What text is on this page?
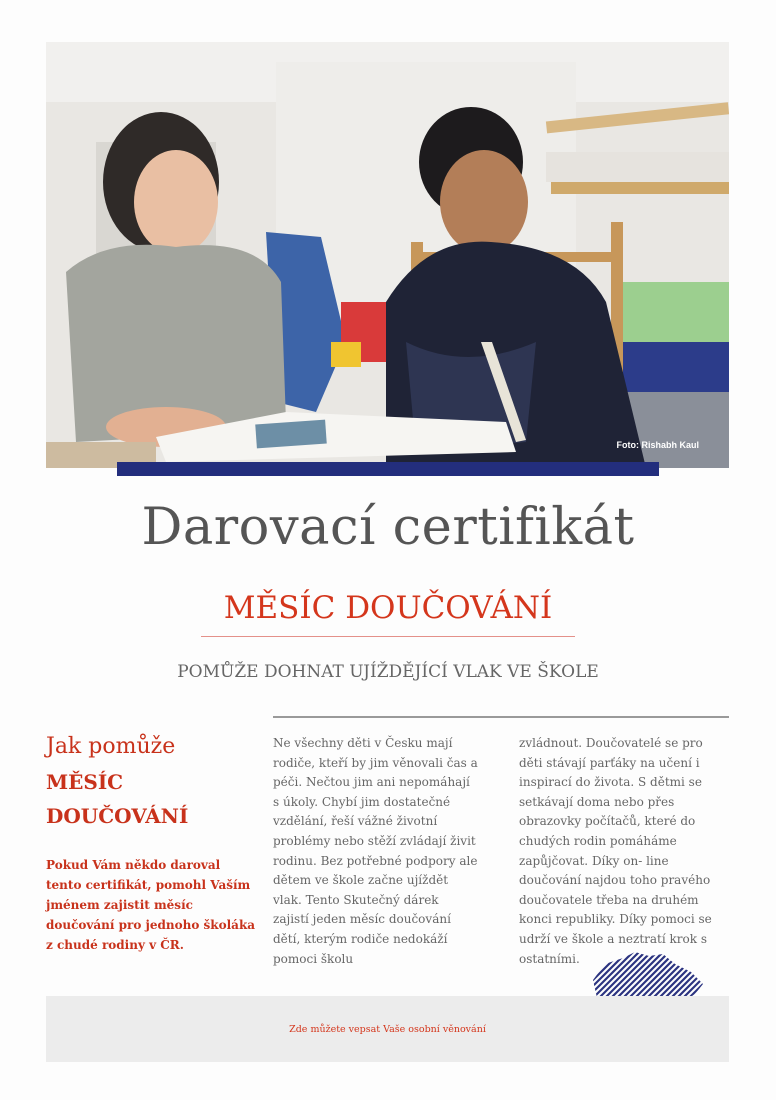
Foto: Rishabh Kaul
Darovací certifikát
MĚSÍC DOUČOVÁNÍ
POMŮŽE DOHNAT UJÍŽDĚJÍCÍ VLAK VE ŠKOLE
Jak pomůže
MĚSÍC
DOUČOVÁNÍ
Pokud Vám někdo daroval tento certifikát, pomohl Vaším jménem zajistit měsíc doučování pro jednoho školáka z chudé rodiny v ČR.
Ne všechny děti v Česku mají rodiče, kteří by jim věnovali čas a péči. Nečtou jim ani nepomáhají s úkoly. Chybí jim dostatečné vzdělání, řeší vážné životní problémy nebo stěží zvládají živit rodinu. Bez potřebné podpory ale dětem ve škole začne ujíždět vlak. Tento Skutečný dárek zajistí jeden měsíc doučování dětí, kterým rodiče nedokáží pomoci školu
zvládnout. Doučovatelé se pro děti stávají parťáky na učení i inspirací do života. S dětmi se setkávají doma nebo přes obrazovky počítačů, které do chudých rodin pomáháme zapůjčovat. Díky on- line doučování najdou toho pravého doučovatele třeba na druhém konci republiky. Díky pomoci se udrží ve škole a neztratí krok s ostatními.
Zde můžete vepsat Vaše osobní věnování
